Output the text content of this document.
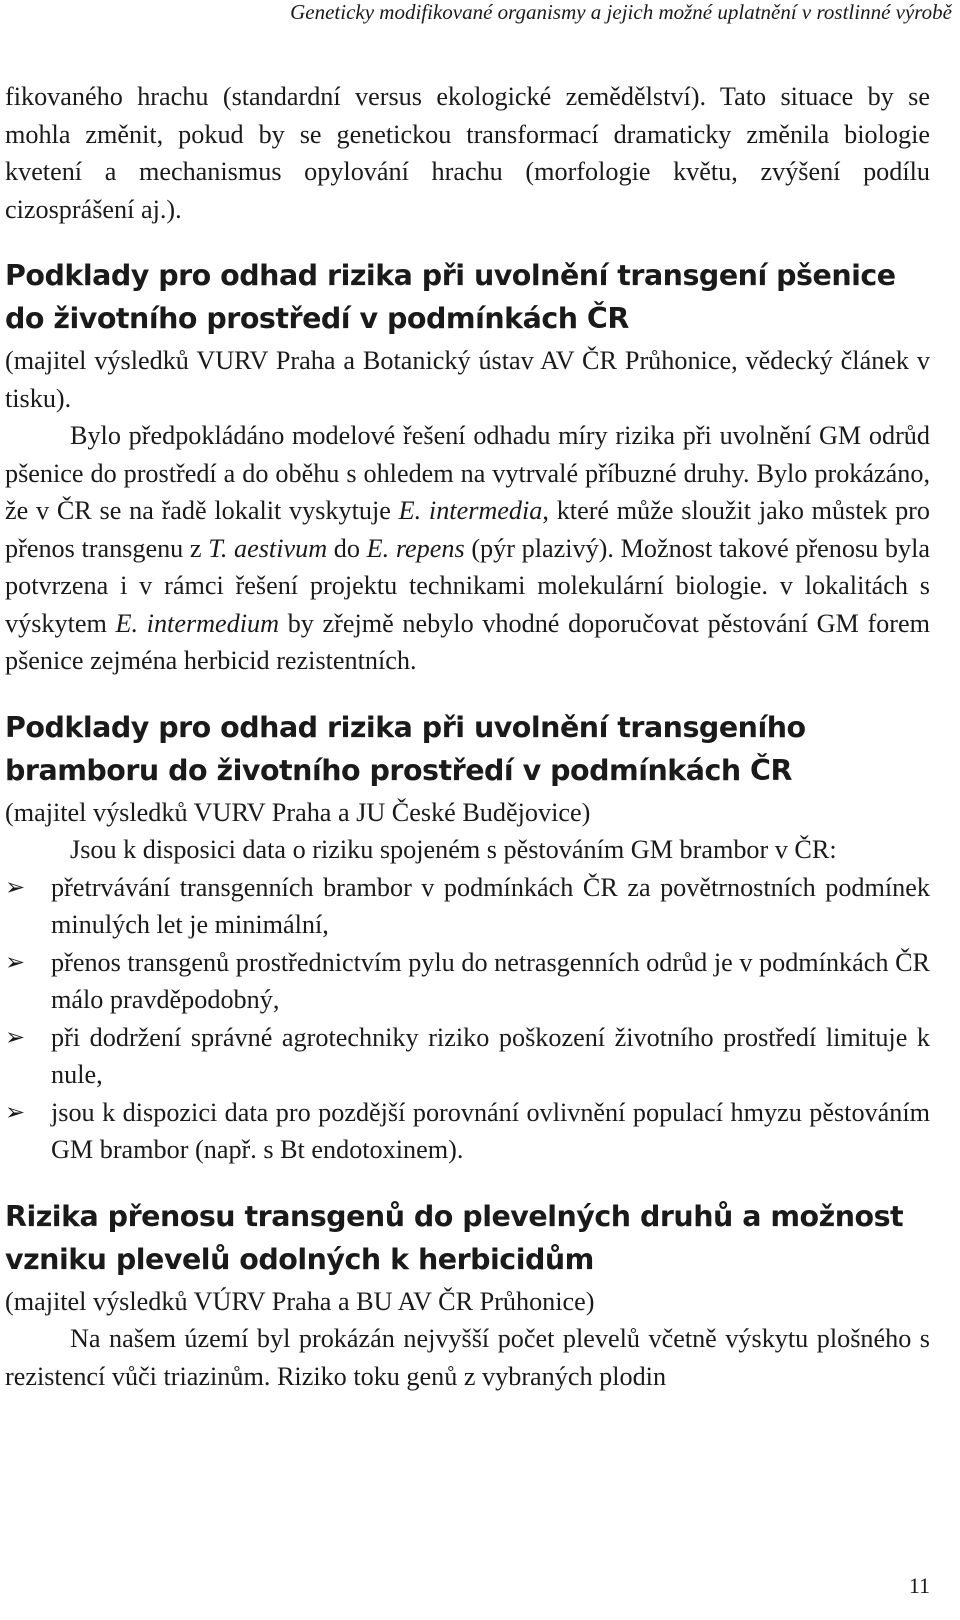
Geneticky modifikované organismy a jejich možné uplatnění v rostlinné výrobě

fikovaného hrachu (standardní versus ekologické zemědělství). Tato situace by se mohla změnit, pokud by se genetickou transformací dramaticky změnila biologie kvetení a mechanismus opylování hrachu (morfologie květu, zvýšení podílu cizosprášení aj.).

Podklady pro odhad rizika při uvolnění transgení pšenice do životního prostředí v podmínkách ČR

(majitel výsledků VURV Praha a Botanický ústav AV ČR Průhonice, vědecký článek v tisku).

Bylo předpokládáno modelové řešení odhadu míry rizika při uvolnění GM odrůd pšenice do prostředí a do oběhu s ohledem na vytrvalé příbuzné druhy. Bylo prokázáno, že v ČR se na řadě lokalit vyskytuje E. intermedia, které může sloužit jako můstek pro přenos transgenu z T. aestivum do E. repens (pýr plazivý). Možnost takové přenosu byla potvrzena i v rámci řešení projektu technikami molekulární biologie. v lokalitách s výskytem E. intermedium by zřejmě nebylo vhodné doporučovat pěstování GM forem pšenice zejména herbicid rezistentních.

Podklady pro odhad rizika při uvolnění transgeního bramboru do životního prostředí v podmínkách ČR

(majitel výsledků VURV Praha a JU České Budějovice)

Jsou k disposici data o riziku spojeném s pěstováním GM brambor v ČR:

➢ přetrvávání transgenních brambor v podmínkách ČR za povětrnostních podmínek minulých let je minimální,
➢ přenos transgenů prostřednictvím pylu do netrasgenních odrůd je v podmínkách ČR málo pravděpodobný,
➢ při dodržení správné agrotechniky riziko poškození životního prostředí limituje k nule,
➢ jsou k dispozici data pro pozdější porovnání ovlivnění populací hmyzu pěstováním GM brambor (např. s Bt endotoxinem).
Rizika přenosu transgenů do plevelných druhů a možnost vzniku plevelů odolných k herbicidům

(majitel výsledků VÚRV Praha a BU AV ČR Průhonice)

Na našem území byl prokázán nejvyšší počet plevelů včetně výskytu plošného s rezistencí vůči triazinům. Riziko toku genů z vybraných plodin

11
